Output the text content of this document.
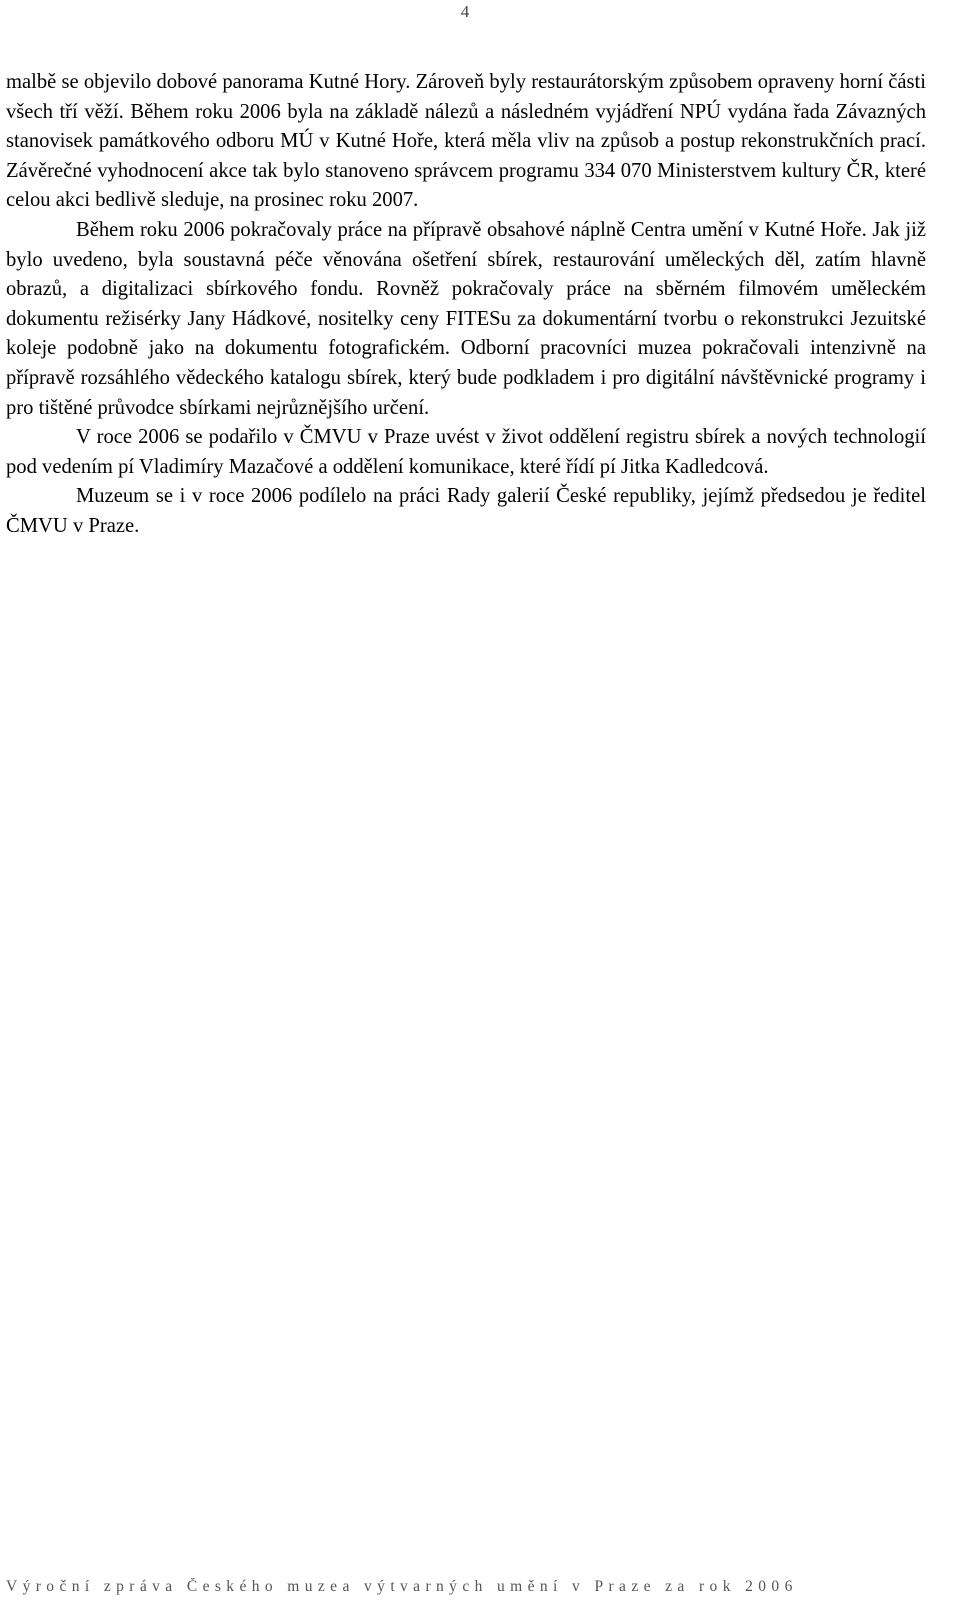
4

malbě se objevilo dobové panorama Kutné Hory. Zároveň byly restaurátorským způsobem opraveny horní části všech tří věží. Během roku 2006 byla na základě nálezů a následném vyjádření NPÚ vydána řada Závazných stanovisek památkového odboru MÚ v Kutné Hoře, která měla vliv na způsob a postup rekonstrukčních prací. Závěrečné vyhodnocení akce tak bylo stanoveno správcem programu 334 070 Ministerstvem kultury ČR, které celou akci bedlivě sleduje, na prosinec roku 2007.

Během roku 2006 pokračovaly práce na přípravě obsahové náplně Centra umění v Kutné Hoře. Jak již bylo uvedeno, byla soustavná péče věnována ošetření sbírek, restaurování uměleckých děl, zatím hlavně obrazů, a digitalizaci sbírkového fondu. Rovněž pokračovaly práce na sběrném filmovém uměleckém dokumentu režisérky Jany Hádkové, nositelky ceny FITESu za dokumentární tvorbu o rekonstrukci Jezuitské koleje podobně jako na dokumentu fotografickém. Odborní pracovníci muzea pokračovali intenzivně na přípravě rozsáhlého vědeckého katalogu sbírek, který bude podkladem i pro digitální návštěvnické programy i pro tištěné průvodce sbírkami nejrůznějšího určení.

V roce 2006 se podařilo v ČMVU v Praze uvést v život oddělení registru sbírek a nových technologií pod vedením pí Vladimíry Mazačové a oddělení komunikace, které řídí pí Jitka Kadledcová.

Muzeum se i v roce 2006 podílelo na práci Rady galerií České republiky, jejímž předsedou je ředitel ČMVU v Praze.

Výroční zpráva Českého muzea výtvarných umění v Praze za rok 2006
